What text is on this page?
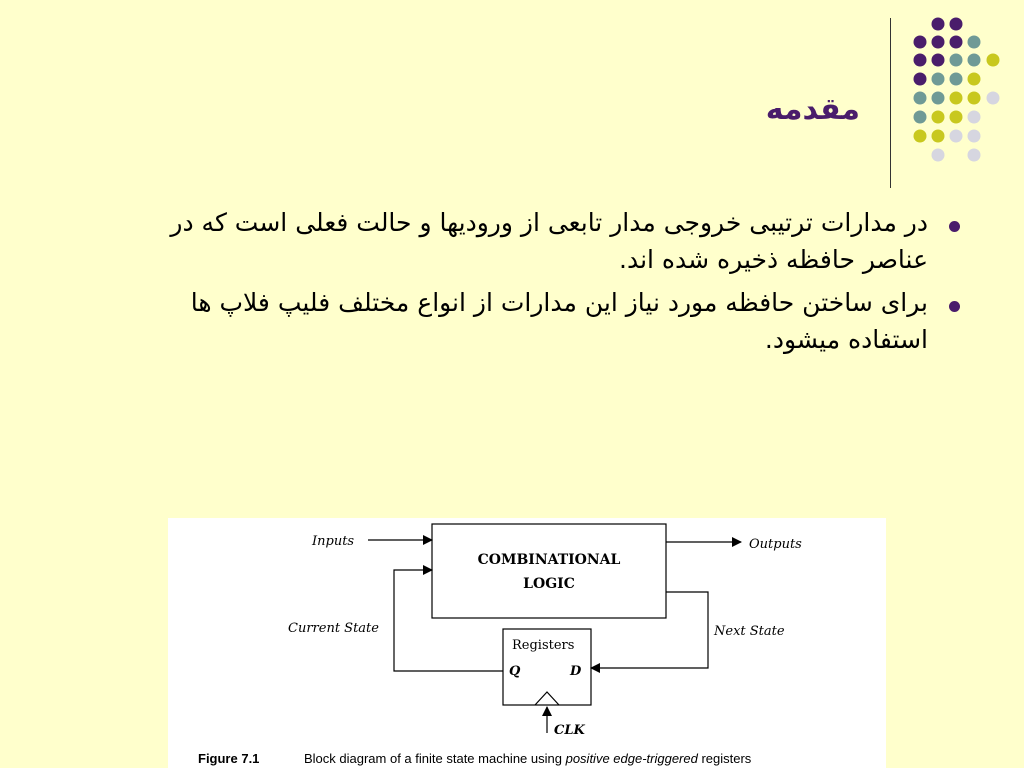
مقدمه
در مدارات ترتیبی خروجی مدار تابعی از ورودیها و حالت فعلی است که در عناصر حافظه ذخیره شده اند.
برای ساختن حافظه مورد نیاز این مدارات از انواع مختلف فلیپ فلاپ ها استفاده میشود.
COMBINATIONAL
LOGIC
Inputs	Outputs
Registers
Q	D
Next State
Current State
CLK
Figure 7.1	Block diagram of a finite state machine using positive edge-triggered registers
